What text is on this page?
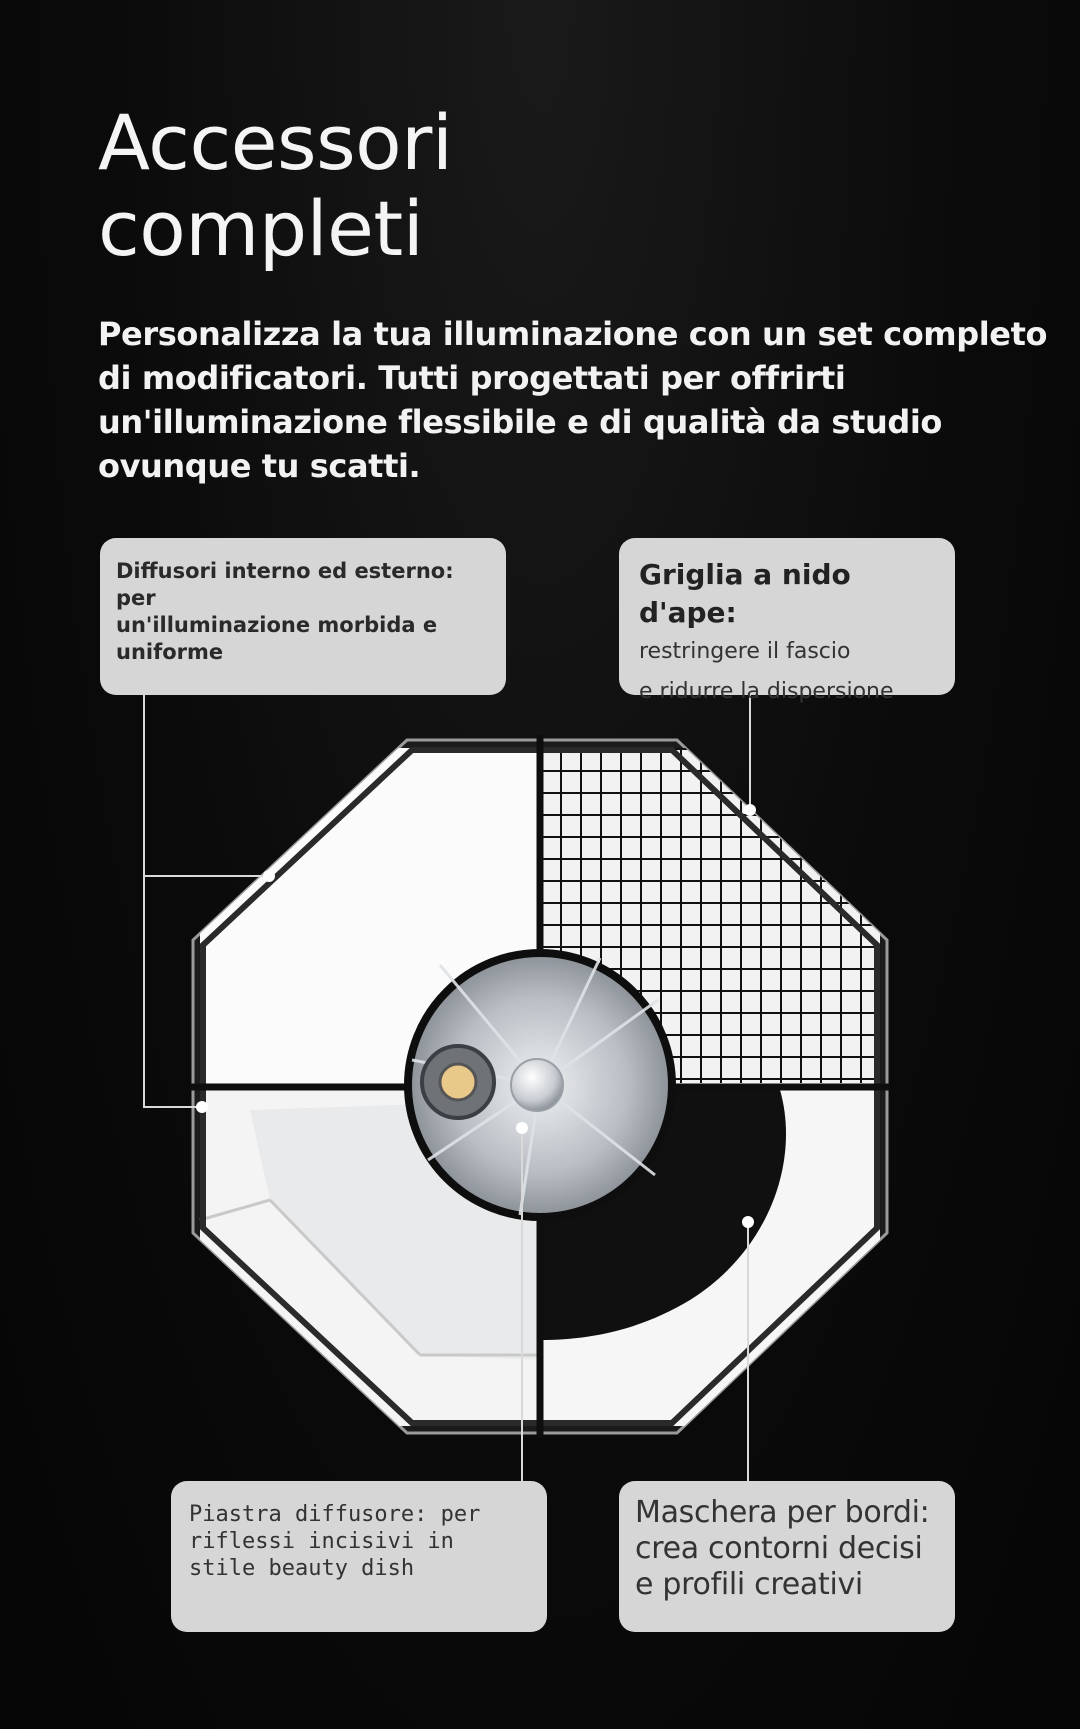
Accessori
completi

Personalizza la tua illuminazione con un set completo di modificatori. Tutti progettati per offrirti un'illuminazione flessibile e di qualità da studio ovunque tu scatti.

Diffusori interno ed esterno: per
un'illuminazione morbida e
uniforme
Griglia a nido d'ape:
restringere il fascio
e ridurre la dispersione
Piastra diffusore: per
riflessi incisivi in
stile beauty dish
Maschera per bordi:
crea contorni decisi
e profili creativi
